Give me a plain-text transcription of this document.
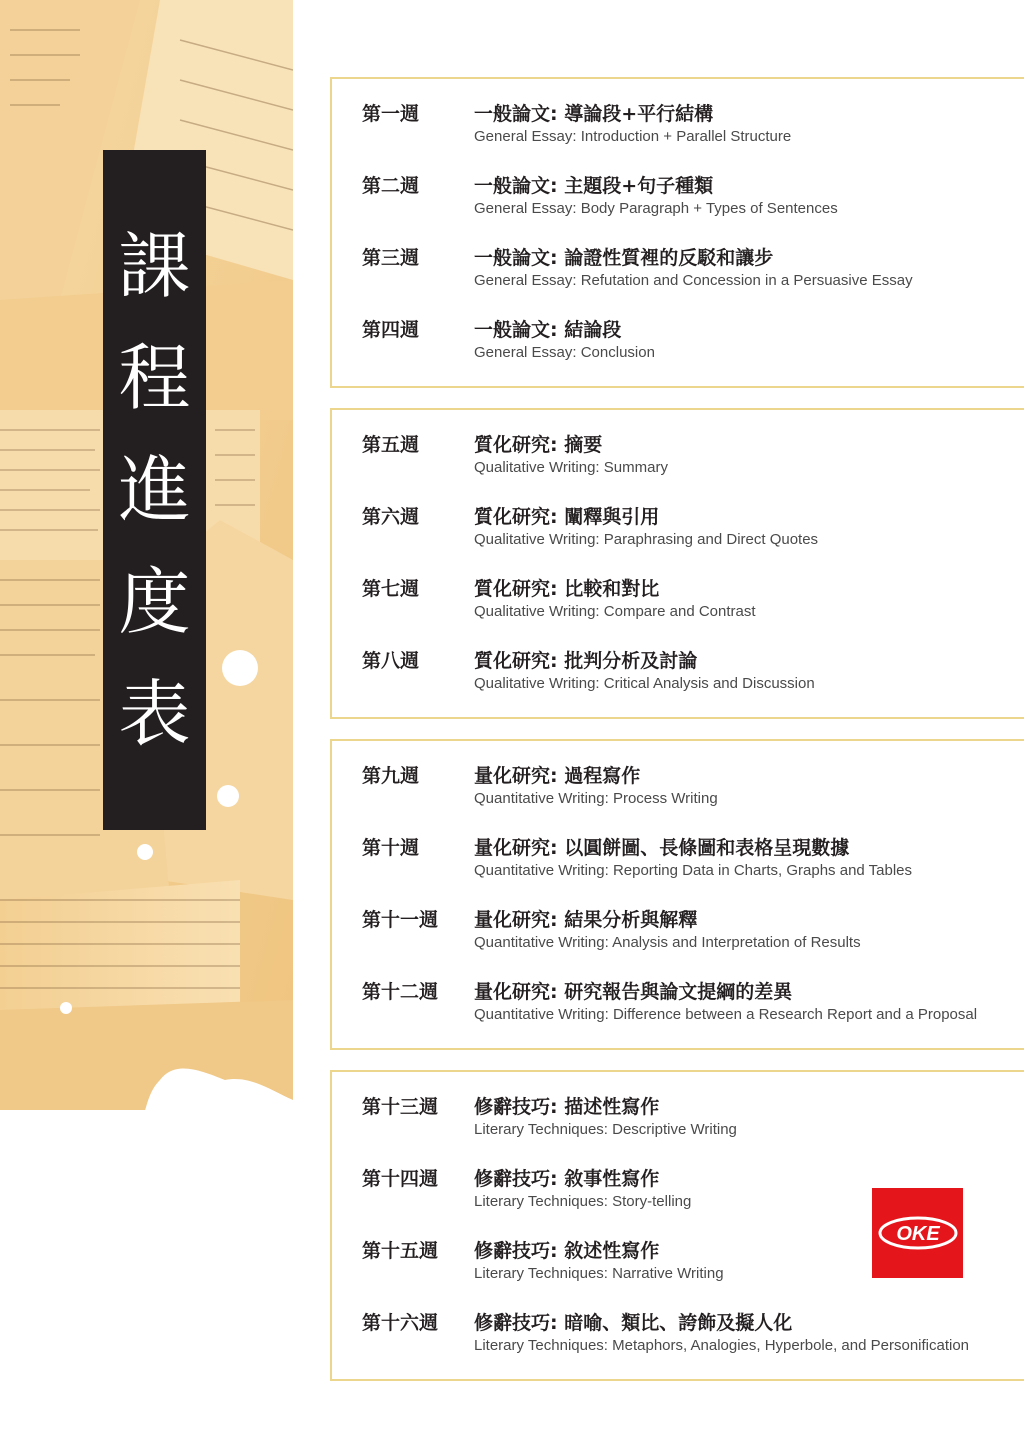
課
程
進
度
表
第一週	一般論文: 導論段+平行結構
General Essay: Introduction + Parallel Structure
第二週	一般論文: 主題段+句子種類
General Essay: Body Paragraph + Types of Sentences
第三週	一般論文: 論證性質裡的反駁和讓步
General Essay: Refutation and Concession in a Persuasive Essay
第四週	一般論文: 結論段
General Essay: Conclusion
第五週	質化研究: 摘要
Qualitative Writing: Summary
第六週	質化研究: 闡釋與引用
Qualitative Writing: Paraphrasing and Direct Quotes
第七週	質化研究: 比較和對比
Qualitative Writing: Compare and Contrast
第八週	質化研究: 批判分析及討論
Qualitative Writing: Critical Analysis and Discussion
第九週	量化研究: 過程寫作
Quantitative Writing: Process Writing
第十週	量化研究: 以圓餅圖、長條圖和表格呈現數據
Quantitative Writing: Reporting Data in Charts, Graphs and Tables
第十一週 量化研究: 結果分析與解釋
Quantitative Writing: Analysis and Interpretation of Results
第十二週 量化研究: 研究報告與論文提綱的差異
Quantitative Writing: Difference between a Research Report and a Proposal
第十三週 修辭技巧: 描述性寫作
Literary Techniques: Descriptive Writing
第十四週 修辭技巧: 敘事性寫作
Literary Techniques: Story-telling
第十五週 修辭技巧: 敘述性寫作
Literary Techniques: Narrative Writing
第十六週 修辭技巧: 暗喻、類比、誇飾及擬人化
Literary Techniques: Metaphors, Analogies, Hyperbole, and Personification
OKE
